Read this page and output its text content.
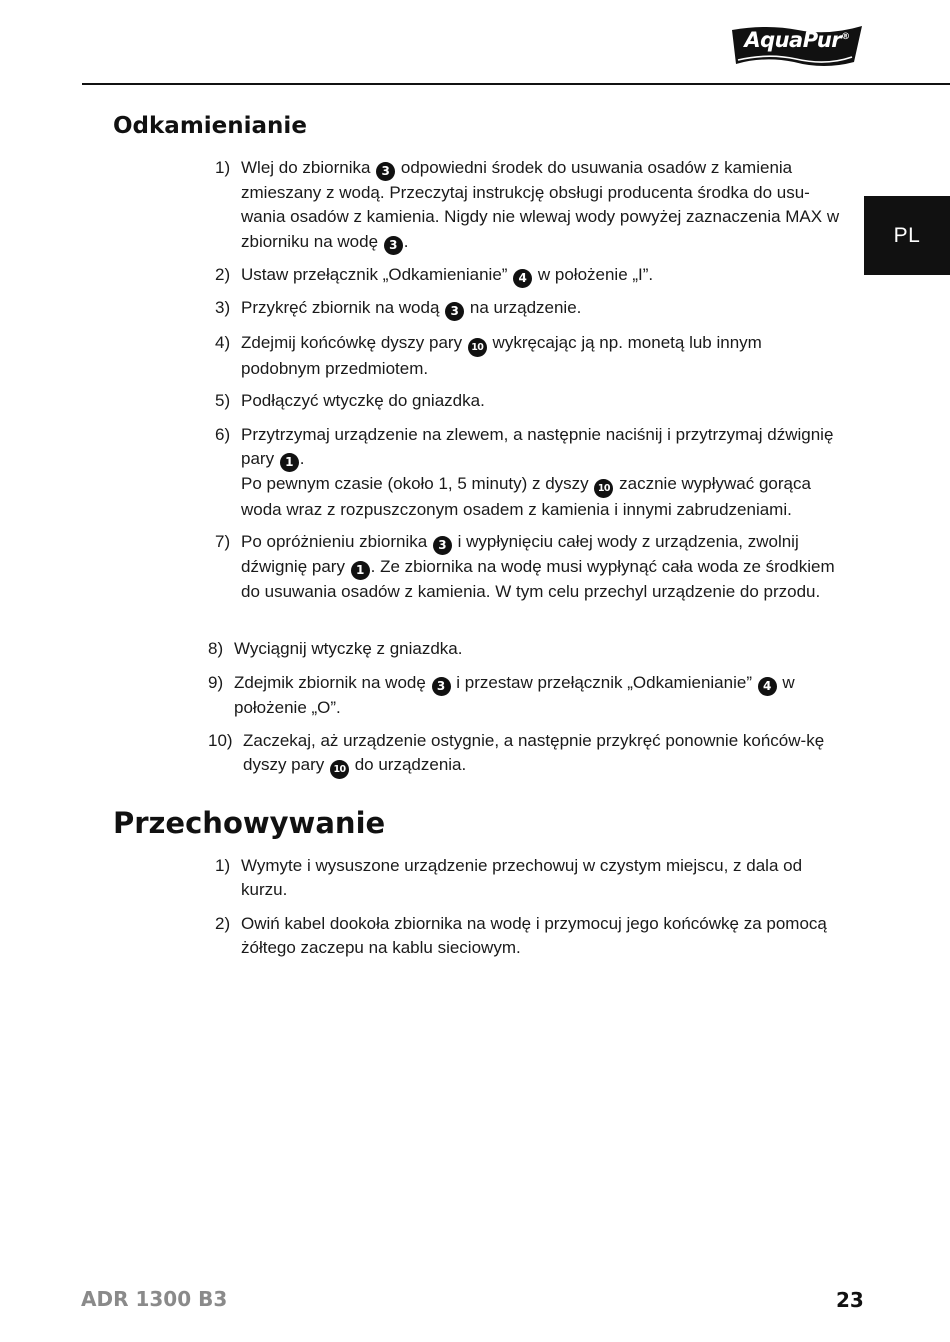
AquaPur®
PL
Odkamienianie
1) Wlej do zbiornika 3 odpowiedni środek do usuwania osadów z kamienia zmieszany z wodą. Przeczytaj instrukcję obsługi producenta środka do usu-wania osadów z kamienia. Nigdy nie wlewaj wody powyżej zaznaczenia MAX w zbiorniku na wodę 3 .
2) Ustaw przełącznik „Odkamienianie” 4 w położenie „I”.
3) Przykręć zbiornik na wodą 3 na urządzenie.
4) Zdejmij końcówkę dyszy pary 10 wykręcając ją np. monetą lub innym podobnym przedmiotem.
5) Podłączyć wtyczkę do gniazdka.
6) Przytrzymaj urządzenie na zlewem, a następnie naciśnij i przytrzymaj dźwignię pary 1 .
Po pewnym czasie (około 1, 5 minuty) z dyszy 10 zacznie wypływać gorąca woda wraz z rozpuszczonym osadem z kamienia i innymi zabrudzeniami.
7) Po opróżnieniu zbiornika 3 i wypłynięciu całej wody z urządzenia, zwolnij dźwignię pary 1 . Ze zbiornika na wodę musi wypłynąć cała woda ze środkiem do usuwania osadów z kamienia. W tym celu przechyl urządzenie do przodu.
8) Wyciągnij wtyczkę z gniazdka.
9) Zdejmik zbiornik na wodę 3 i przestaw przełącznik „Odkamienianie” 4 w położenie „O”.
10) Zaczekaj, aż urządzenie ostygnie, a następnie przykręć ponownie końców-kę dyszy pary 10 do urządzenia.
Przechowywanie
1) Wymyte i wysuszone urządzenie przechowuj w czystym miejscu, z dala od kurzu.
2) Owiń kabel dookoła zbiornika na wodę i przymocuj jego końcówkę za pomocą żółtego zaczepu na kablu sieciowym.
ADR 1300 B3	23
